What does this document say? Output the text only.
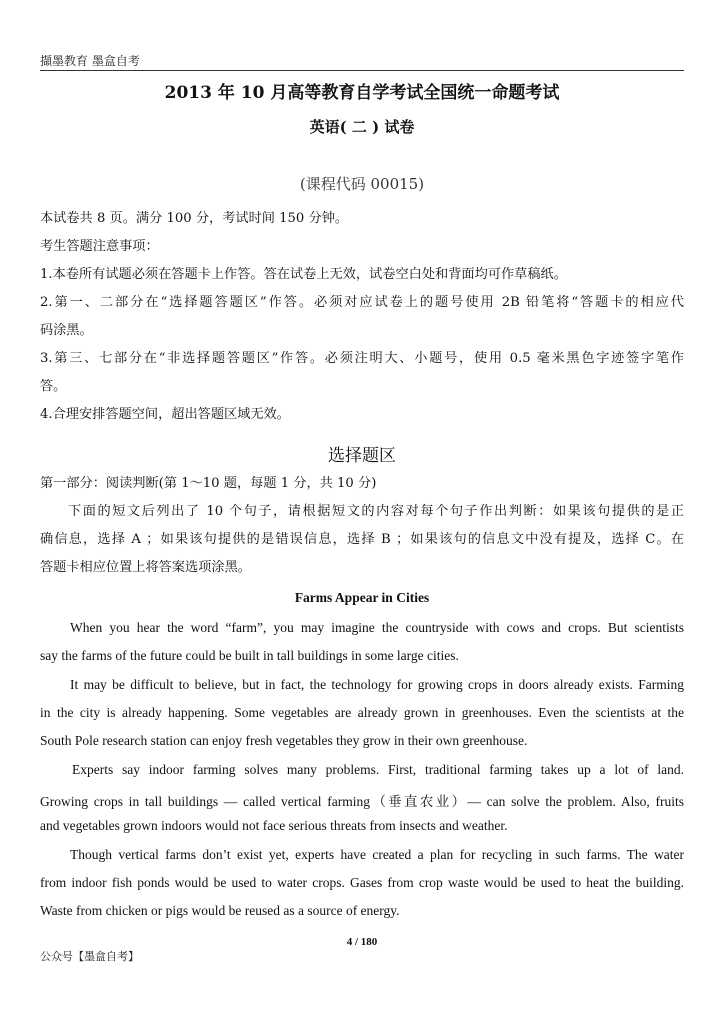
擷墨教育 墨盒自考
2013 年 10 月高等教育自学考试全国统一命题考试
英语( 二 ) 试卷
(课程代码 00015)
本试卷共 8 页。满分 100 分，考试时间 150 分钟。
考生答题注意事项：
1.本卷所有试题必须在答题卡上作答。答在试卷上无效，试卷空白处和背面均可作草稿纸。
2.第一、二部分在“选择题答题区”作答。必须对应试卷上的题号使用 2B 铅笔将“答题卡的相应代
码涂黑。
3.第三、七部分在“非选择题答题区”作答。必须注明大、小题号，使用 0.5 毫米黑色字迹签字笔作
答。
4.合理安排答题空间，超出答题区域无效。
选择题区
第一部分：阅读判断(第 1～10 题，每题 1 分，共 10 分)
下面的短文后列出了 10 个句子，请根据短文的内容对每个句子作出判断：如果该句提供的是正
确信息，选择 A ；如果该句提供的是错误信息，选择 B ；如果该句的信息文中没有提及，选择 C。在
答题卡相应位置上将答案选项涂黑。
Farms Appear in Cities
When you hear the word “farm”, you may imagine the countryside with cows and crops. But scientists
say the farms of the future could be built in tall buildings in some large cities.
It may be difficult to believe, but in fact, the technology for growing crops in doors already exists. Farming
in the city is already happening. Some vegetables are already grown in greenhouses. Even the scientists at the
South Pole research station can enjoy fresh vegetables they grow in their own greenhouse.
Experts say indoor farming solves many problems. First, traditional farming takes up a lot of land.
Growing crops in tall buildings — called vertical farming（垂直农业）— can solve the problem. Also, fruits
and vegetables grown indoors would not face serious threats from insects and weather.
Though vertical farms don’t exist yet, experts have created a plan for recycling in such farms. The water
from indoor fish ponds would be used to water crops. Gases from crop waste would be used to heat the building.
Waste from chicken or pigs would be reused as a source of energy.
4 / 180
公众号【墨盒自考】
